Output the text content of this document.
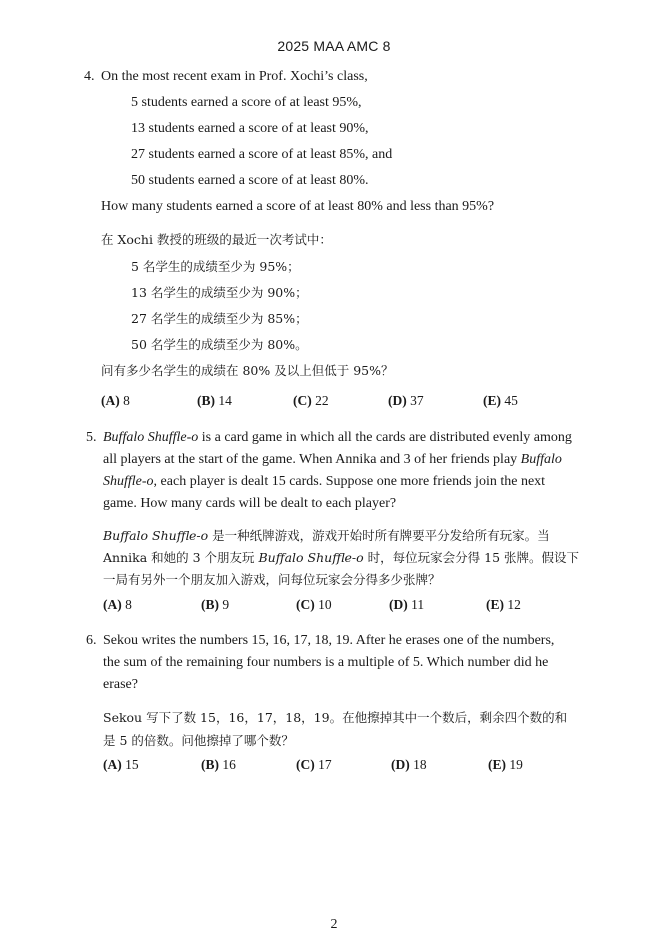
2025 MAA AMC 8
4. On the most recent exam in Prof. Xochi’s class,
5 students earned a score of at least 95%,
13 students earned a score of at least 90%,
27 students earned a score of at least 85%, and
50 students earned a score of at least 80%.
How many students earned a score of at least 80% and less than 95%?
在 Xochi 教授的班级的最近一次考试中：
5 名学生的成绩至少为 95%；
13 名学生的成绩至少为 90%；
27 名学生的成绩至少为 85%；
50 名学生的成绩至少为 80%。
问有多少名学生的成绩在 80% 及以上但低于 95%？
(A) 8	(B) 14	(C) 22	(D) 37	(E) 45
5. Buffalo Shuffle-o is a card game in which all the cards are distributed evenly among
all players at the start of the game. When Annika and 3 of her friends play Buffalo
Shuffle-o, each player is dealt 15 cards. Suppose one more friends join the next
game. How many cards will be dealt to each player?
Buffalo Shuffle-o 是一种纸牌游戏，游戏开始时所有牌要平分发给所有玩家。当
Annika 和她的 3 个朋友玩 Buffalo Shuffle-o 时，每位玩家会分得 15 张牌。假设下
一局有另外一个朋友加入游戏，问每位玩家会分得多少张牌？
(A) 8	(B) 9	(C) 10	(D) 11	(E) 12
6. Sekou writes the numbers 15, 16, 17, 18, 19. After he erases one of the numbers,
the sum of the remaining four numbers is a multiple of 5. Which number did he
erase?
Sekou 写下了数 15，16，17，18，19。在他擦掉其中一个数后，剩余四个数的和
是 5 的倍数。问他擦掉了哪个数？
(A) 15	(B) 16	(C) 17	(D) 18	(E) 19
2
